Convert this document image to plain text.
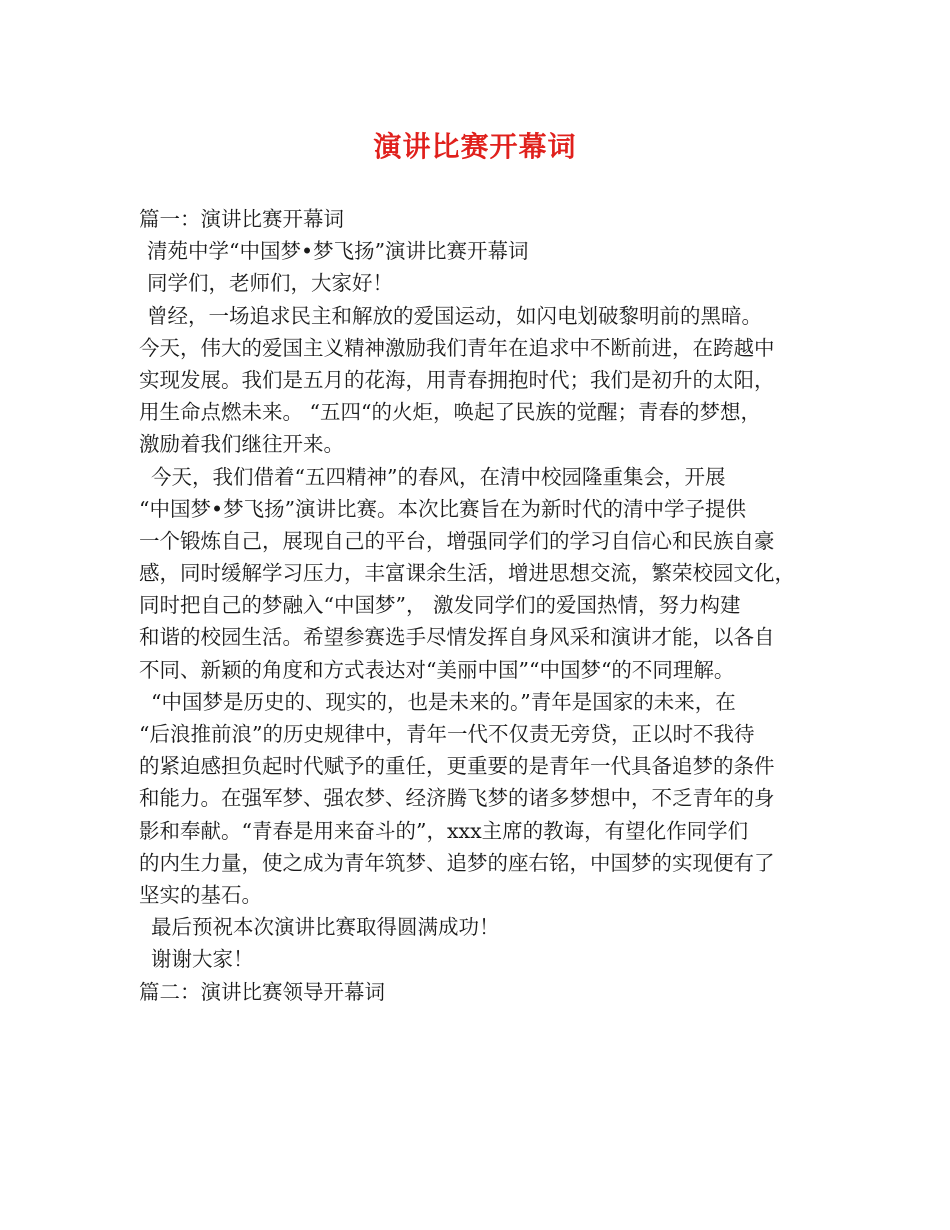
演讲比赛开幕词
篇一：演讲比赛开幕词
清苑中学“中国梦•梦飞扬”演讲比赛开幕词
同学们，老师们，大家好！
曾经，一场追求民主和解放的爱国运动，如闪电划破黎明前的黑暗。
今天，伟大的爱国主义精神激励我们青年在追求中不断前进，在跨越中
实现发展。我们是五月的花海，用青春拥抱时代；我们是初升的太阳，
用生命点燃未来。 “五四“的火炬，唤起了民族的觉醒；青春的梦想，
激励着我们继往开来。
今天，我们借着“五四精神”的春风，在清中校园隆重集会，开展
“中国梦•梦飞扬”演讲比赛。本次比赛旨在为新时代的清中学子提供
一个锻炼自己，展现自己的平台，增强同学们的学习自信心和民族自豪
感，同时缓解学习压力，丰富课余生活，增进思想交流，繁荣校园文化，
同时把自己的梦融入“中国梦”， 激发同学们的爱国热情，努力构建
和谐的校园生活。希望参赛选手尽情发挥自身风采和演讲才能，以各自
不同、新颖的角度和方式表达对“美丽中国”“中国梦“的不同理解。
“中国梦是历史的、现实的，也是未来的。”青年是国家的未来，在
“后浪推前浪”的历史规律中，青年一代不仅责无旁贷，正以时不我待
的紧迫感担负起时代赋予的重任，更重要的是青年一代具备追梦的条件
和能力。在强军梦、强农梦、经济腾飞梦的诸多梦想中，不乏青年的身
影和奉献。“青春是用来奋斗的”，xxx主席的教诲，有望化作同学们
的内生力量，使之成为青年筑梦、追梦的座右铭，中国梦的实现便有了
坚实的基石。
最后预祝本次演讲比赛取得圆满成功！
谢谢大家！
篇二：演讲比赛领导开幕词
